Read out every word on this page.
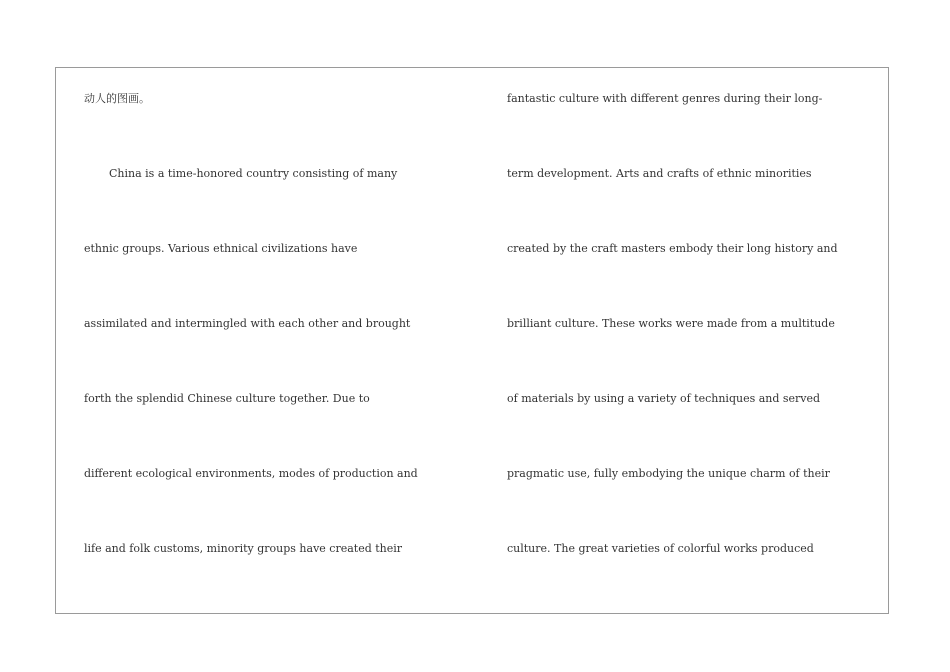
动人的图画。

China is a time-honored country consisting of many

ethnic groups. Various ethnical civilizations have

assimilated and intermingled with each other and brought

forth the splendid Chinese culture together. Due to

different ecological environments, modes of production and

life and folk customs, minority groups have created their

fantastic culture with different genres during their long-

term development. Arts and crafts of ethnic minorities

created by the craft masters embody their long history and

brilliant culture. These works were made from a multitude

of materials by using a variety of techniques and served

pragmatic use, fully embodying the unique charm of their

culture. The great varieties of colorful works produced
